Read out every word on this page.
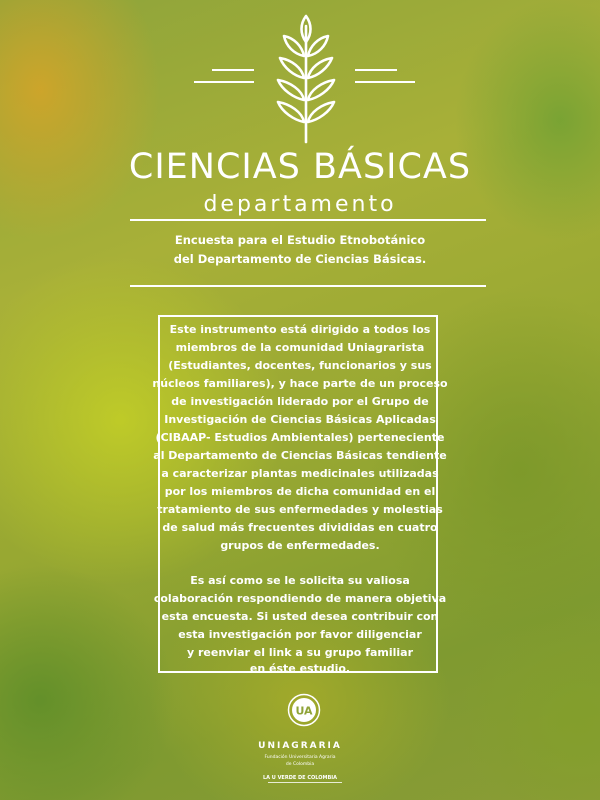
CIENCIAS BÁSICAS
departamento
Encuesta para el Estudio Etnobotánico
del Departamento de Ciencias Básicas.
Este instrumento está dirigido a todos los
miembros de la comunidad Uniagrarista
(Estudiantes, docentes, funcionarios y sus
núcleos familiares), y hace parte de un proceso
de investigación liderado por el Grupo de
Investigación de Ciencias Básicas Aplicadas
(CIBAAP- Estudios Ambientales) perteneciente
al Departamento de Ciencias Básicas tendiente
a caracterizar plantas medicinales utilizadas
por los miembros de dicha comunidad en el
tratamiento de sus enfermedades y molestias
de salud más frecuentes divididas en cuatro
grupos de enfermedades.
Es así como se le solicita su valiosa
colaboración respondiendo de manera objetiva
esta encuesta. Si usted desea contribuir con
esta investigación por favor diligenciar
y reenviar el link a su grupo familiar
en éste estudio.
UA
UNIAGRARIA
Fundación Universitaria Agraria
de Colombia
LA U VERDE DE COLOMBIA
